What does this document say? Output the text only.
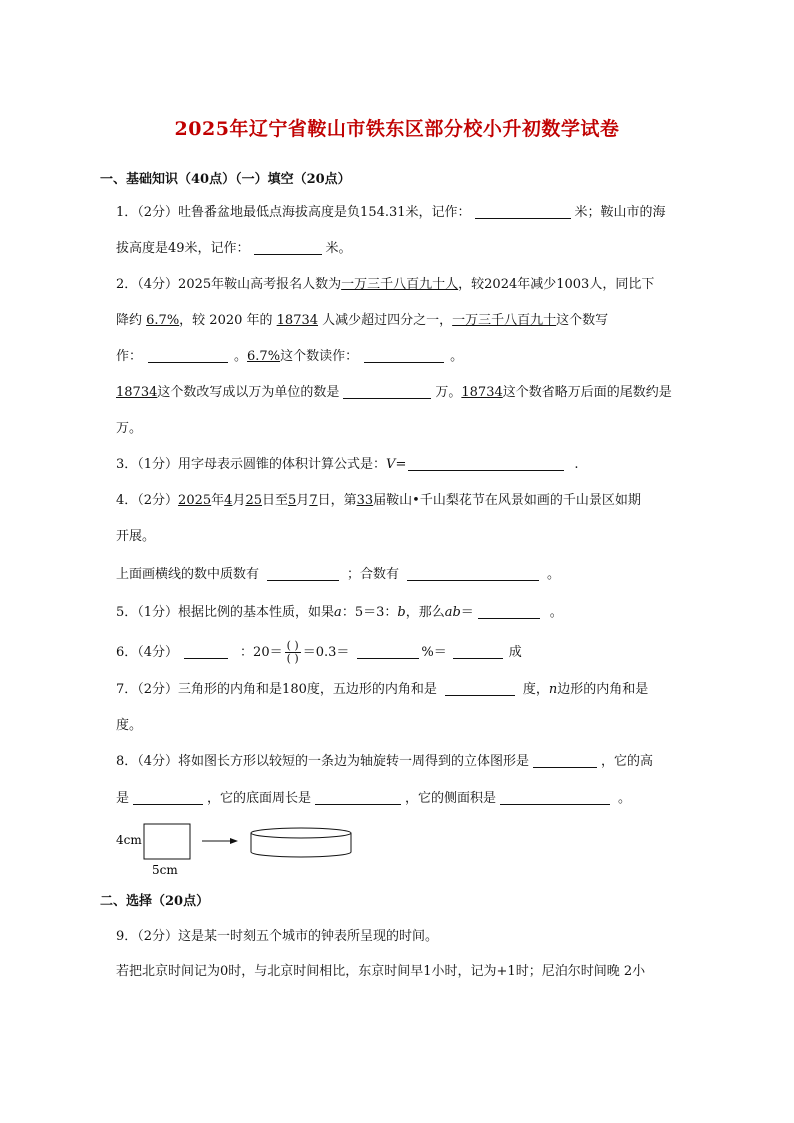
2025年辽宁省鞍山市铁东区部分校小升初数学试卷
一、基础知识（40点）（一）填空（20点）
1．（2分）吐鲁番盆地最低点海拔高度是负154.31米，记作：	米；鞍山市的海
拔高度是49米，记作：	米。
2．（4分）2025年鞍山高考报名人数为一万三千八百九十人，较2024年减少1003人，同比下
降约 6.7%，较 2020 年的 18734 人减少超过四分之一，一万三千八百九十这个数写
作：	。6.7%这个数读作：	。
18734这个数改写成以万为单位的数是	万。18734这个数省略万后面的尾数约是
万。
3．（1分）用字母表示圆锥的体积计算公式是：V=	.
4．（2分）2025年4月25日至5月7日，第33届鞍山•千山梨花节在风景如画的千山景区如期
开展。
上面画横线的数中质数有	；合数有	。
5．（1分）根据比例的基本性质，如果a：5＝3：b，那么ab＝	。
6．（4分）	：$20= \frac{( )}{( )} =0.3=$	%＝	成
7．（2分）三角形的内角和是180度，五边形的内角和是	度，n边形的内角和是
度。
8．（4分）将如图长方形以较短的一条边为轴旋转一周得到的立体图形是	，它的高
是	，它的底面周长是	，它的侧面积是	。
4cm
5cm
二、选择（20点）
9．（2分）这是某一时刻五个城市的钟表所呈现的时间。
若把北京时间记为0时，与北京时间相比，东京时间早1小时，记为+1时；尼泊尔时间晚 2小
